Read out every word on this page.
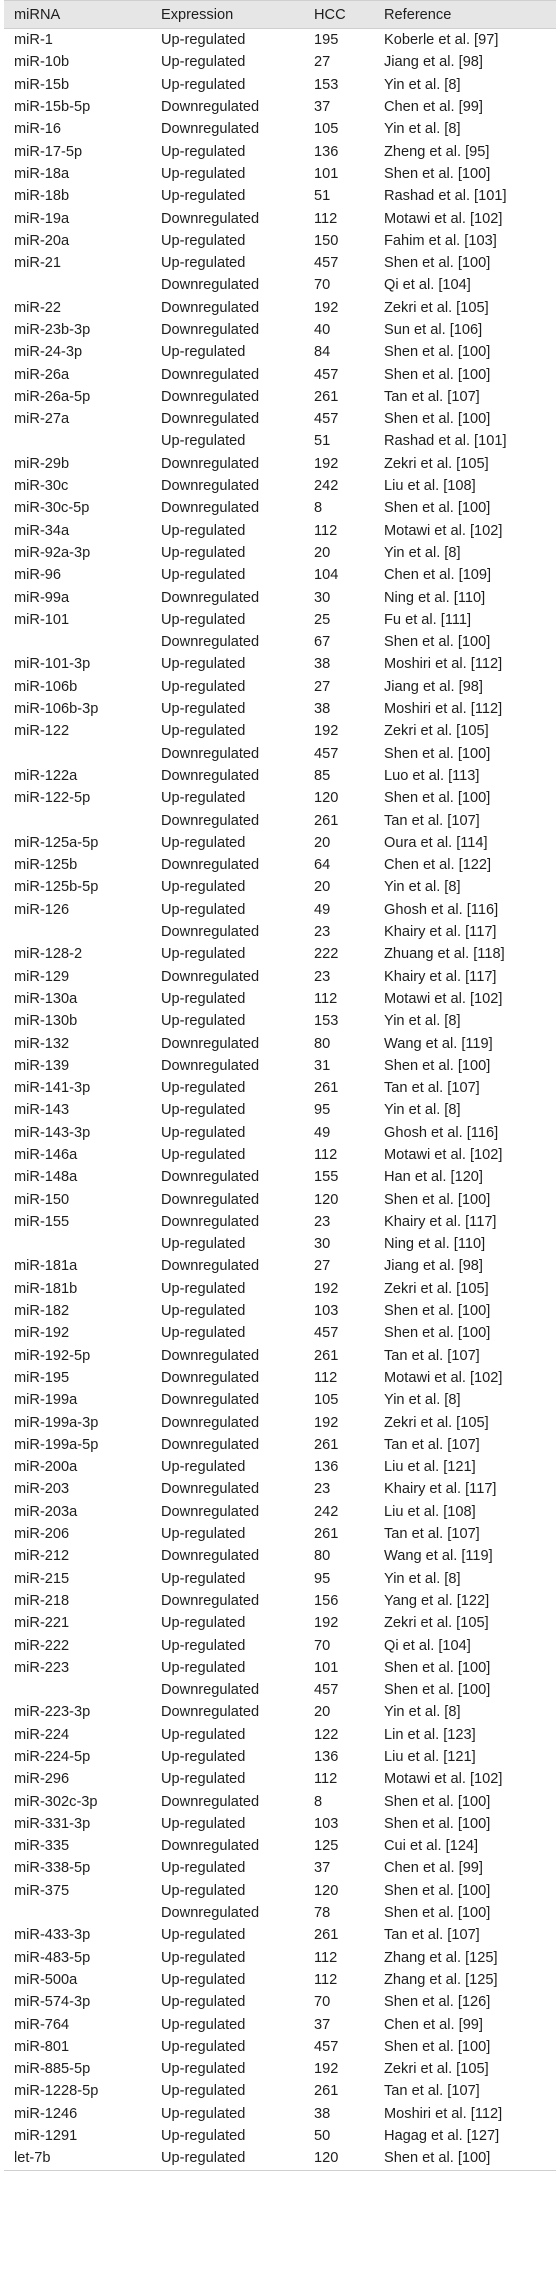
miRNA	Expression	HCC	Reference
miR-1	Up-regulated	195	Koberle et al. [97]
miR-10b	Up-regulated	27	Jiang et al. [98]
miR-15b	Up-regulated	153	Yin et al. [8]
miR-15b-5p	Downregulated	37	Chen et al. [99]
miR-16	Downregulated	105	Yin et al. [8]
miR-17-5p	Up-regulated	136	Zheng et al. [95]
miR-18a	Up-regulated	101	Shen et al. [100]
miR-18b	Up-regulated	51	Rashad et al. [101]
miR-19a	Downregulated	112	Motawi et al. [102]
miR-20a	Up-regulated	150	Fahim et al. [103]
miR-21	Up-regulated	457	Shen et al. [100]
	Downregulated	70	Qi et al. [104]
miR-22	Downregulated	192	Zekri et al. [105]
miR-23b-3p	Downregulated	40	Sun et al. [106]
miR-24-3p	Up-regulated	84	Shen et al. [100]
miR-26a	Downregulated	457	Shen et al. [100]
miR-26a-5p	Downregulated	261	Tan et al. [107]
miR-27a	Downregulated	457	Shen et al. [100]
	Up-regulated	51	Rashad et al. [101]
miR-29b	Downregulated	192	Zekri et al. [105]
miR-30c	Downregulated	242	Liu et al. [108]
miR-30c-5p	Downregulated	8	Shen et al. [100]
miR-34a	Up-regulated	112	Motawi et al. [102]
miR-92a-3p	Up-regulated	20	Yin et al. [8]
miR-96	Up-regulated	104	Chen et al. [109]
miR-99a	Downregulated	30	Ning et al. [110]
miR-101	Up-regulated	25	Fu et al. [111]
	Downregulated	67	Shen et al. [100]
miR-101-3p	Up-regulated	38	Moshiri et al. [112]
miR-106b	Up-regulated	27	Jiang et al. [98]
miR-106b-3p	Up-regulated	38	Moshiri et al. [112]
miR-122	Up-regulated	192	Zekri et al. [105]
	Downregulated	457	Shen et al. [100]
miR-122a	Downregulated	85	Luo et al. [113]
miR-122-5p	Up-regulated	120	Shen et al. [100]
	Downregulated	261	Tan et al. [107]
miR-125a-5p	Up-regulated	20	Oura et al. [114]
miR-125b	Downregulated	64	Chen et al. [122]
miR-125b-5p	Up-regulated	20	Yin et al. [8]
miR-126	Up-regulated	49	Ghosh et al. [116]
	Downregulated	23	Khairy et al. [117]
miR-128-2	Up-regulated	222	Zhuang et al. [118]
miR-129	Downregulated	23	Khairy et al. [117]
miR-130a	Up-regulated	112	Motawi et al. [102]
miR-130b	Up-regulated	153	Yin et al. [8]
miR-132	Downregulated	80	Wang et al. [119]
miR-139	Downregulated	31	Shen et al. [100]
miR-141-3p	Up-regulated	261	Tan et al. [107]
miR-143	Up-regulated	95	Yin et al. [8]
miR-143-3p	Up-regulated	49	Ghosh et al. [116]
miR-146a	Up-regulated	112	Motawi et al. [102]
miR-148a	Downregulated	155	Han et al. [120]
miR-150	Downregulated	120	Shen et al. [100]
miR-155	Downregulated	23	Khairy et al. [117]
	Up-regulated	30	Ning et al. [110]
miR-181a	Downregulated	27	Jiang et al. [98]
miR-181b	Up-regulated	192	Zekri et al. [105]
miR-182	Up-regulated	103	Shen et al. [100]
miR-192	Up-regulated	457	Shen et al. [100]
miR-192-5p	Downregulated	261	Tan et al. [107]
miR-195	Downregulated	112	Motawi et al. [102]
miR-199a	Downregulated	105	Yin et al. [8]
miR-199a-3p	Downregulated	192	Zekri et al. [105]
miR-199a-5p	Downregulated	261	Tan et al. [107]
miR-200a	Up-regulated	136	Liu et al. [121]
miR-203	Downregulated	23	Khairy et al. [117]
miR-203a	Downregulated	242	Liu et al. [108]
miR-206	Up-regulated	261	Tan et al. [107]
miR-212	Downregulated	80	Wang et al. [119]
miR-215	Up-regulated	95	Yin et al. [8]
miR-218	Downregulated	156	Yang et al. [122]
miR-221	Up-regulated	192	Zekri et al. [105]
miR-222	Up-regulated	70	Qi et al. [104]
miR-223	Up-regulated	101	Shen et al. [100]
	Downregulated	457	Shen et al. [100]
miR-223-3p	Downregulated	20	Yin et al. [8]
miR-224	Up-regulated	122	Lin et al. [123]
miR-224-5p	Up-regulated	136	Liu et al. [121]
miR-296	Up-regulated	112	Motawi et al. [102]
miR-302c-3p	Downregulated	8	Shen et al. [100]
miR-331-3p	Up-regulated	103	Shen et al. [100]
miR-335	Downregulated	125	Cui et al. [124]
miR-338-5p	Up-regulated	37	Chen et al. [99]
miR-375	Up-regulated	120	Shen et al. [100]
	Downregulated	78	Shen et al. [100]
miR-433-3p	Up-regulated	261	Tan et al. [107]
miR-483-5p	Up-regulated	112	Zhang et al. [125]
miR-500a	Up-regulated	112	Zhang et al. [125]
miR-574-3p	Up-regulated	70	Shen et al. [126]
miR-764	Up-regulated	37	Chen et al. [99]
miR-801	Up-regulated	457	Shen et al. [100]
miR-885-5p	Up-regulated	192	Zekri et al. [105]
miR-1228-5p	Up-regulated	261	Tan et al. [107]
miR-1246	Up-regulated	38	Moshiri et al. [112]
miR-1291	Up-regulated	50	Hagag et al. [127]
let-7b	Up-regulated	120	Shen et al. [100]
